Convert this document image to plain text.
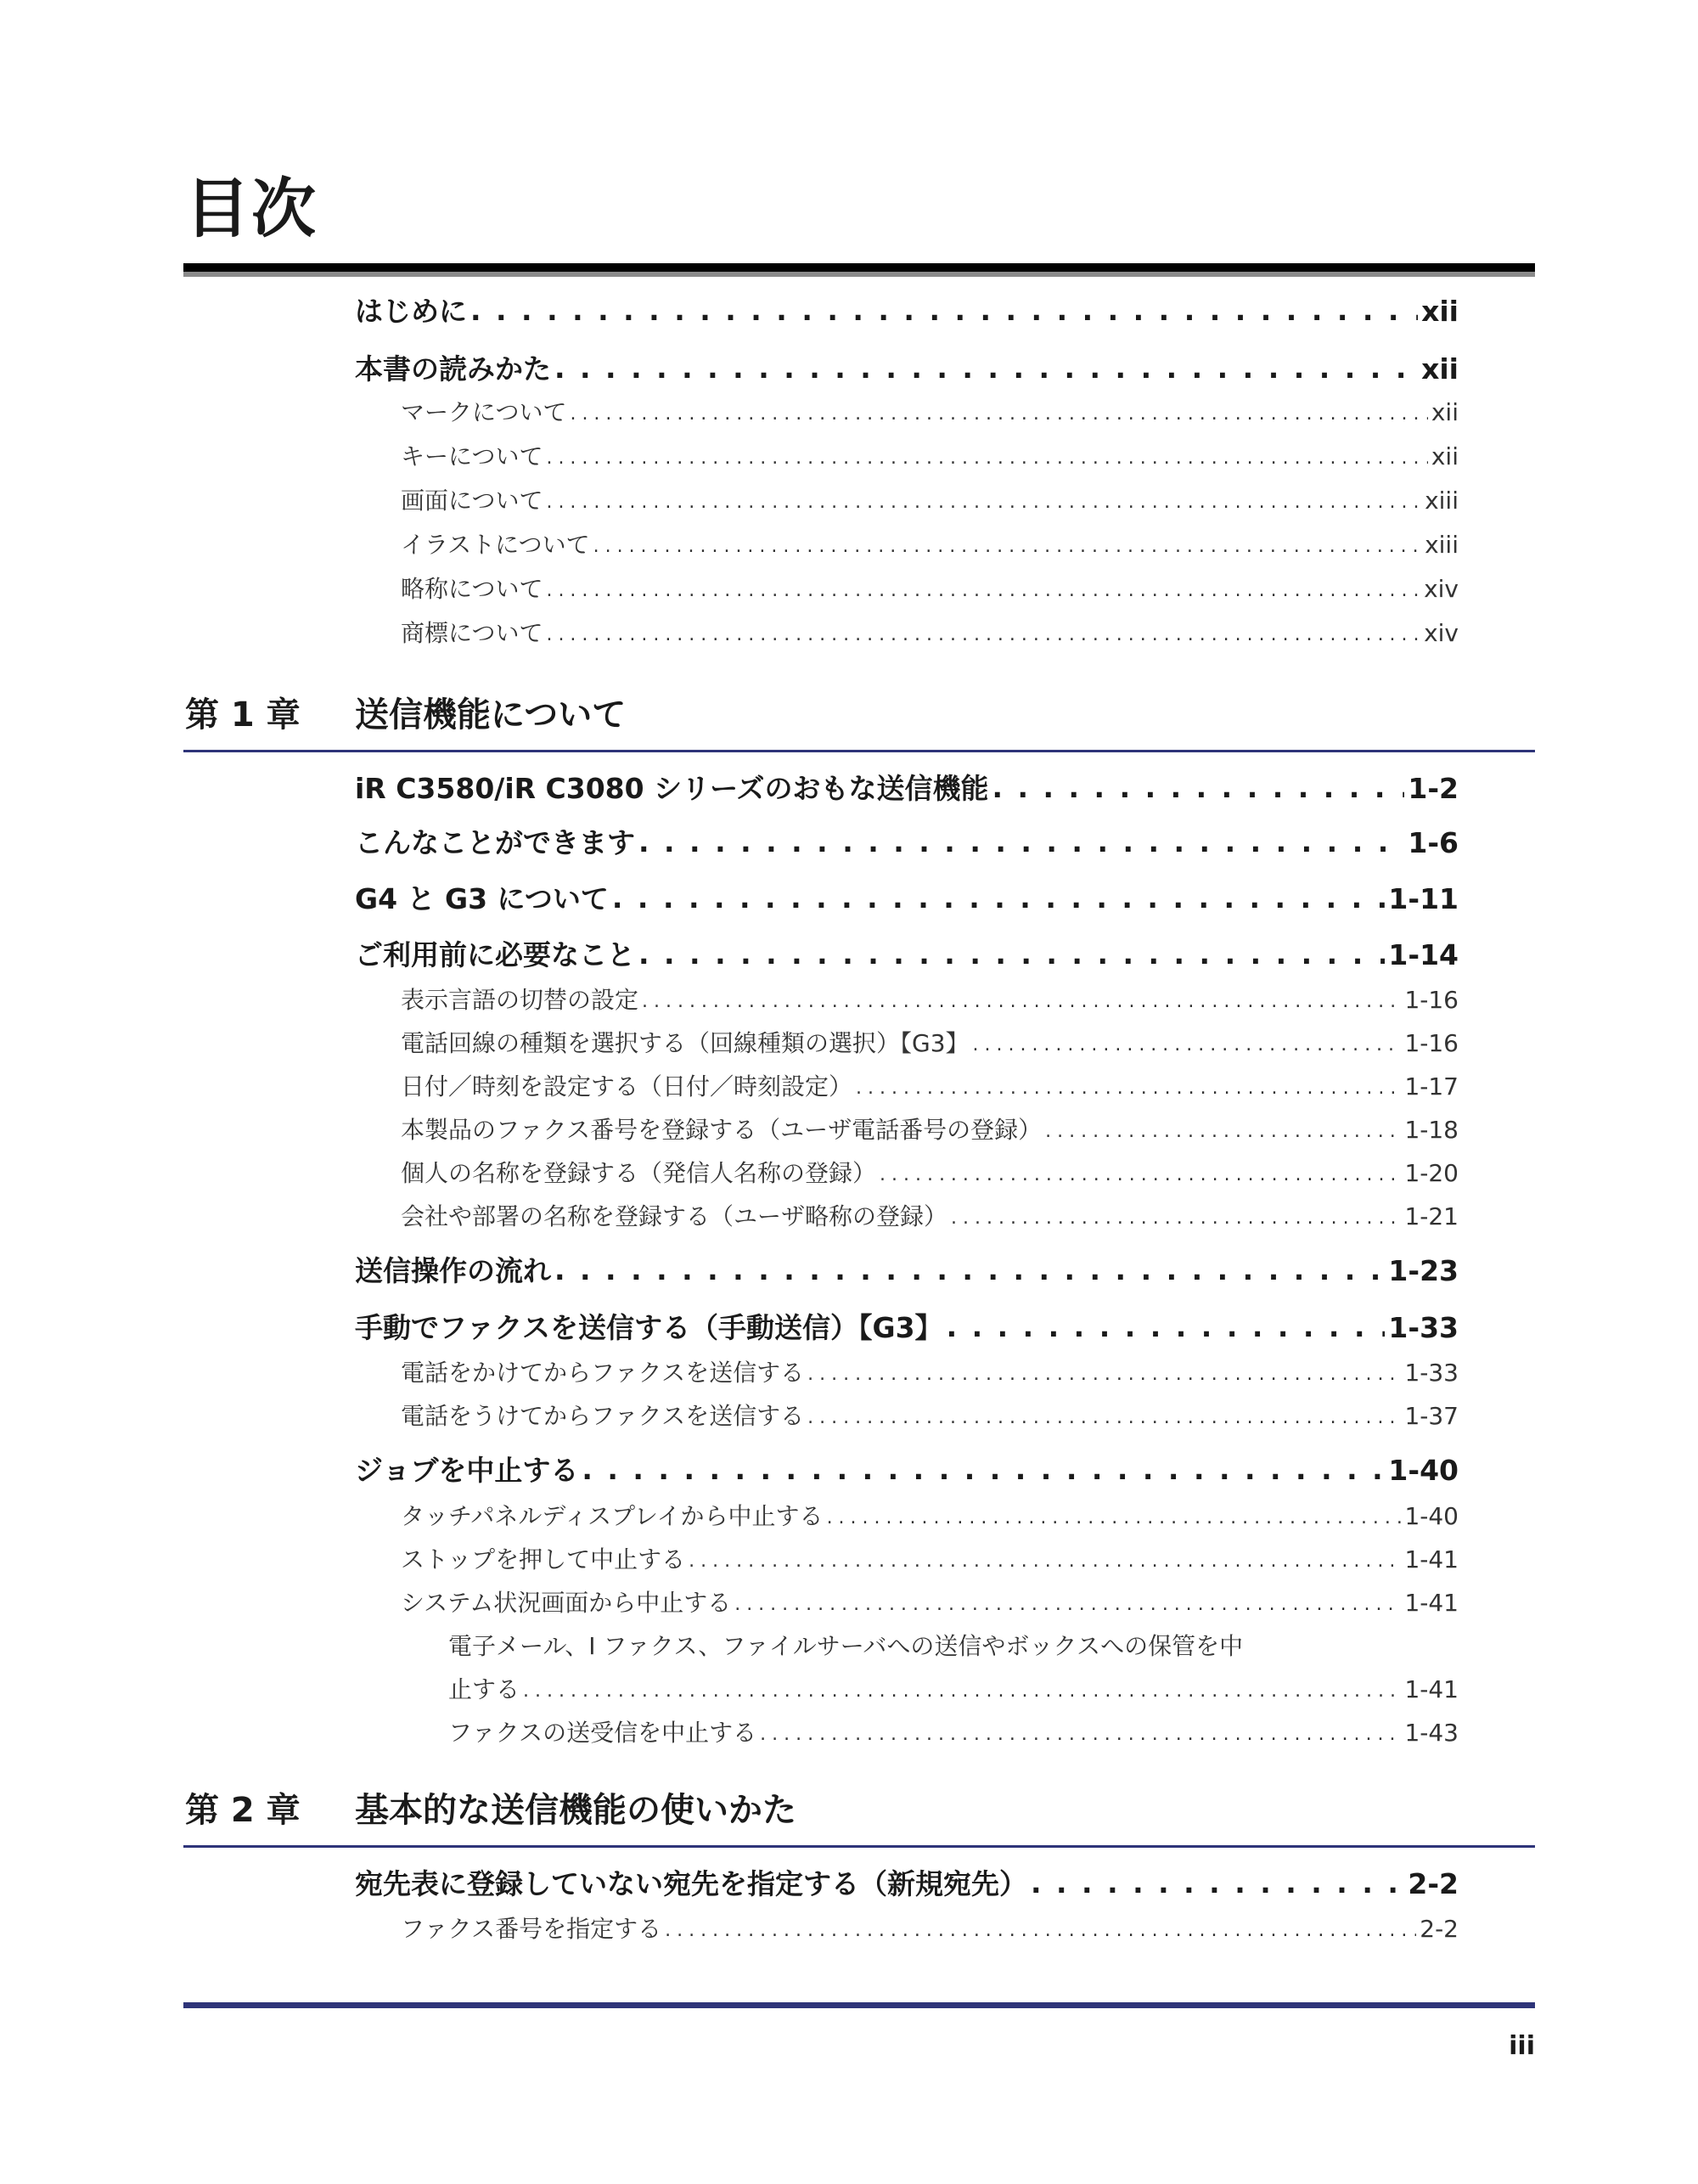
目次
はじめに . . .	xii
本書の読みかた . . .	xii
マークについて . . .	xii
キーについて . . .	xii
画面について . . .	xiii
イラストについて . . .	xiii
略称について . . .	xiv
商標について . . .	xiv
第 1 章	送信機能について
iR C3580/iR C3080 シリーズのおもな送信機能 . . .	1-2
こんなことができます . . .	1-6
G4 と G3 について . . .	1-11
ご利用前に必要なこと . . .	1-14
表示言語の切替の設定 . . .	1-16
電話回線の種類を選択する（回線種類の選択）【G3】 . . .	1-16
日付／時刻を設定する（日付／時刻設定） . . .	1-17
本製品のファクス番号を登録する（ユーザ電話番号の登録） . . .	1-18
個人の名称を登録する（発信人名称の登録） . . .	1-20
会社や部署の名称を登録する（ユーザ略称の登録） . . .	1-21
送信操作の流れ . . .	1-23
手動でファクスを送信する（手動送信）【G3】 . . .	1-33
電話をかけてからファクスを送信する . . .	1-33
電話をうけてからファクスを送信する . . .	1-37
ジョブを中止する . . .	1-40
タッチパネルディスプレイから中止する . . .	1-40
ストップを押して中止する . . .	1-41
システム状況画面から中止する . . .	1-41
電子メール、I ファクス、ファイルサーバへの送信やボックスへの保管を中
止する . . .	1-41
ファクスの送受信を中止する . . .	1-43
第 2 章	基本的な送信機能の使いかた
宛先表に登録していない宛先を指定する（新規宛先） . . .	2-2
ファクス番号を指定する . . .	2-2
iii
